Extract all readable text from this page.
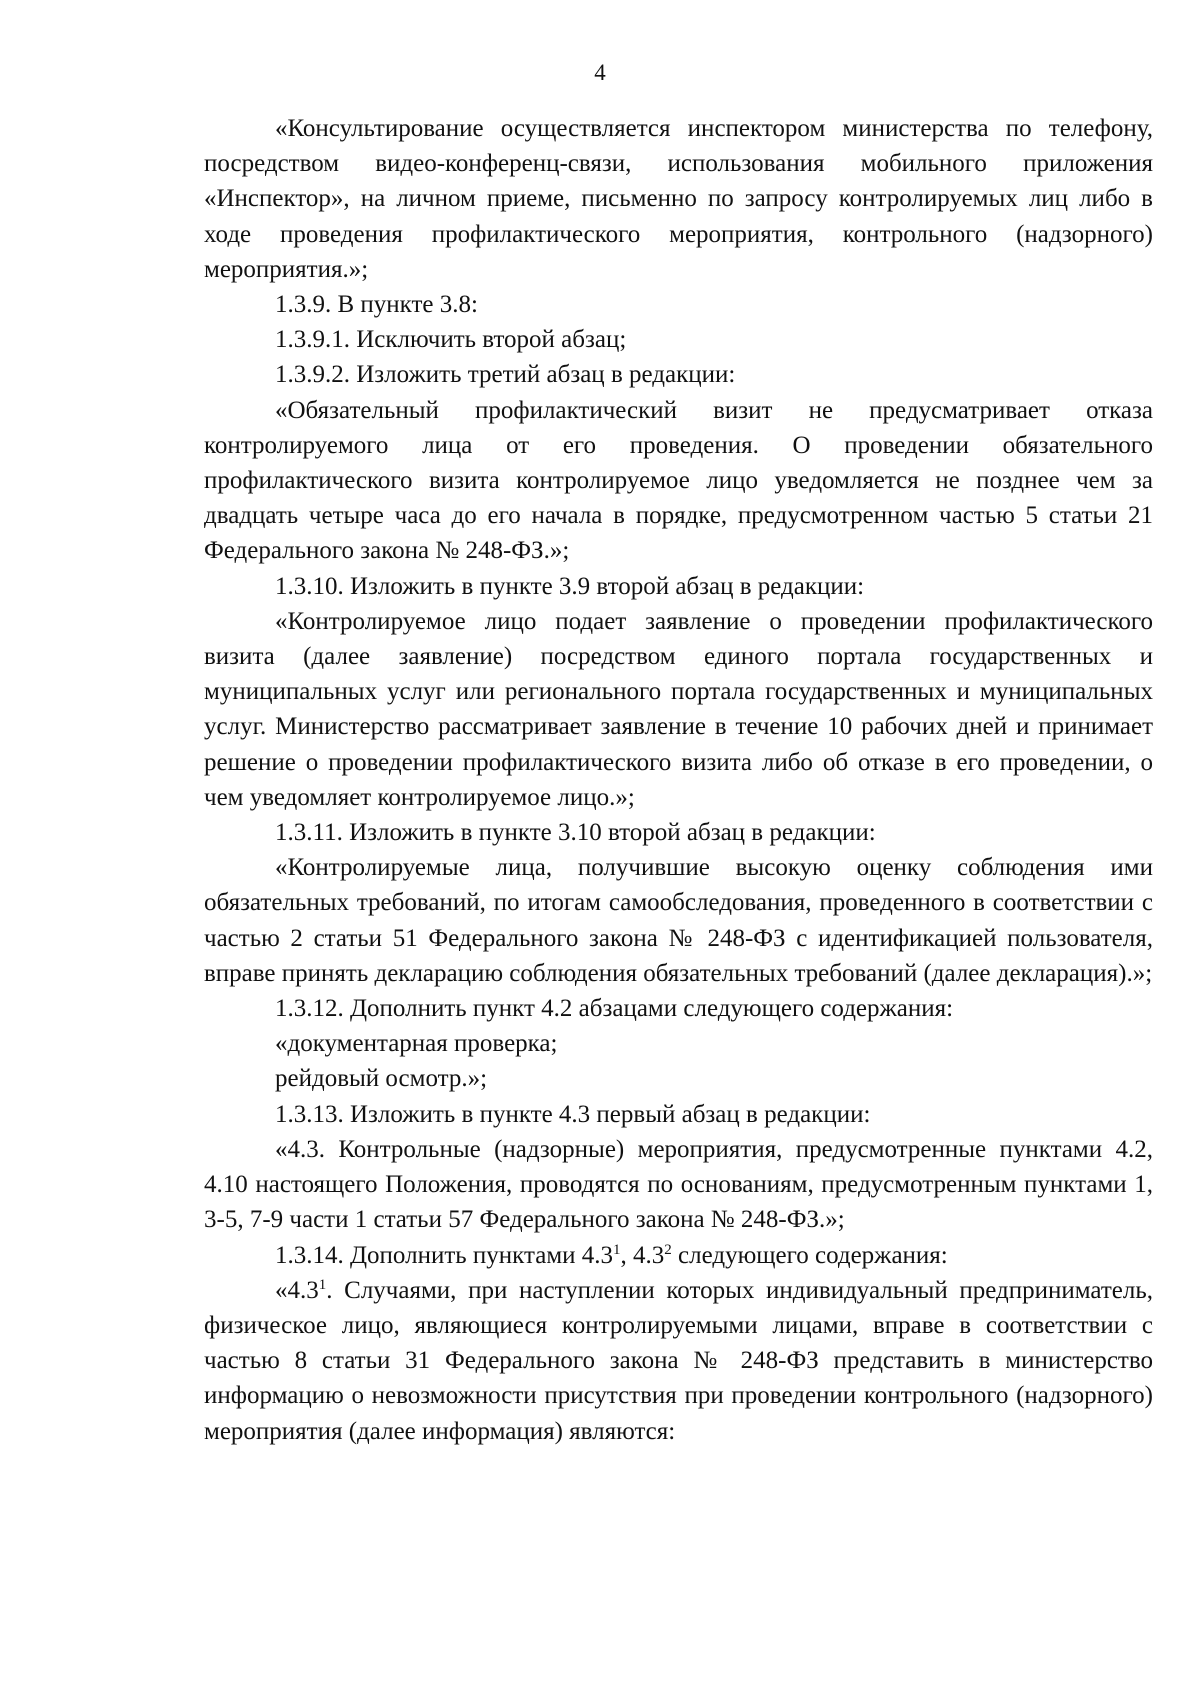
4

«Консультирование осуществляется инспектором министерства по телефону, посредством видео-конференц-связи, использования мобильного приложения «Инспектор», на личном приеме, письменно по запросу контролируемых лиц либо в ходе проведения профилактического мероприятия, контрольного (надзорного) мероприятия.»;

1.3.9. В пункте 3.8:

1.3.9.1. Исключить второй абзац;

1.3.9.2. Изложить третий абзац в редакции:

«Обязательный профилактический визит не предусматривает отказа контролируемого лица от его проведения. О проведении обязательного профилактического визита контролируемое лицо уведомляется не позднее чем за двадцать четыре часа до его начала в порядке, предусмотренном частью 5 статьи 21 Федерального закона № 248-ФЗ.»;

1.3.10. Изложить в пункте 3.9 второй абзац в редакции:

«Контролируемое лицо подает заявление о проведении профилактического визита (далее заявление) посредством единого портала государственных и муниципальных услуг или регионального портала государственных и муниципальных услуг. Министерство рассматривает заявление в течение 10 рабочих дней и принимает решение о проведении профилактического визита либо об отказе в его проведении, о чем уведомляет контролируемое лицо.»;

1.3.11. Изложить в пункте 3.10 второй абзац в редакции:

«Контролируемые лица, получившие высокую оценку соблюдения ими обязательных требований, по итогам самообследования, проведенного в соответствии с частью 2 статьи 51 Федерального закона № 248-ФЗ с идентификацией пользователя, вправе принять декларацию соблюдения обязательных требований (далее декларация).»;

1.3.12. Дополнить пункт 4.2 абзацами следующего содержания:

«документарная проверка;

рейдовый осмотр.»;

1.3.13. Изложить в пункте 4.3 первый абзац в редакции:

«4.3. Контрольные (надзорные) мероприятия, предусмотренные пунктами 4.2, 4.10 настоящего Положения, проводятся по основаниям, предусмотренным пунктами 1, 3-5, 7-9 части 1 статьи 57 Федерального закона № 248-ФЗ.»;

1.3.14. Дополнить пунктами $4.3^1$, $4.3^2$ следующего содержания:

«$4.3^1$. Случаями, при наступлении которых индивидуальный предприниматель, физическое лицо, являющиеся контролируемыми лицами, вправе в соответствии с частью 8 статьи 31 Федерального закона № 248-ФЗ представить в министерство информацию о невозможности присутствия при проведении контрольного (надзорного) мероприятия (далее информация) являются:
